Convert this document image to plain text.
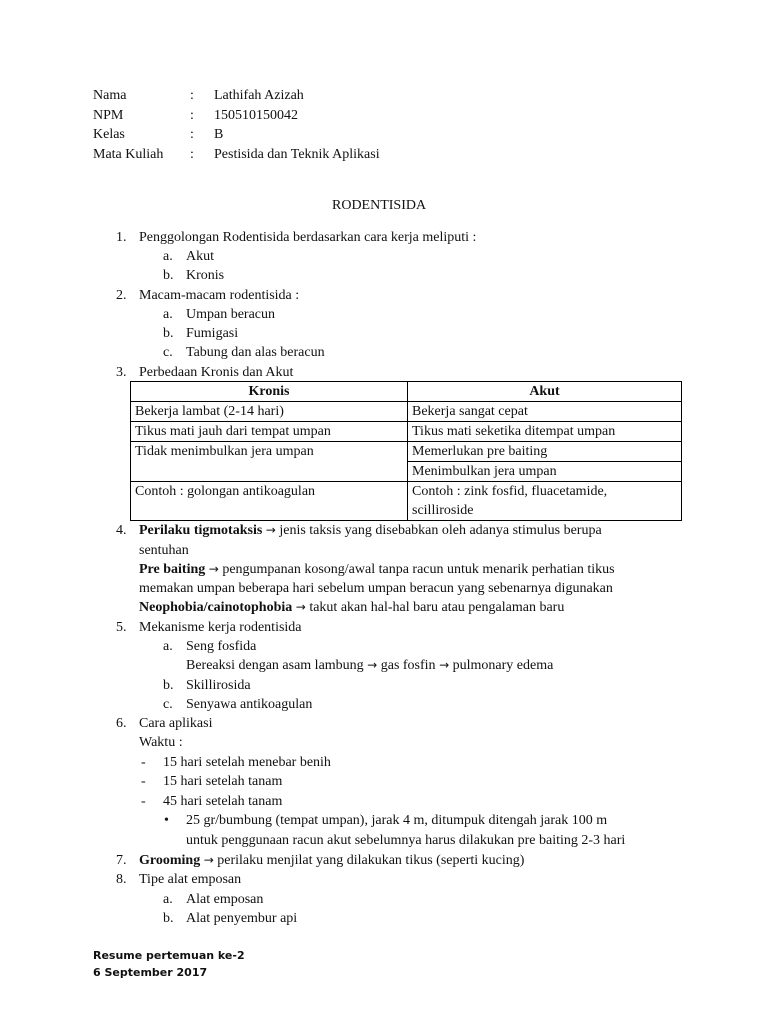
Nama	: Lathifah Azizah
NPM	: 150510150042
Kelas	: B
Mata Kuliah : Pestisida dan Teknik Aplikasi
RODENTISIDA
1. Penggolongan Rodentisida berdasarkan cara kerja meliputi :
a. Akut
b. Kronis
2. Macam-macam rodentisida :
a. Umpan beracun
b. Fumigasi
c. Tabung dan alas beracun
3. Perbedaan Kronis dan Akut
Kronis	Akut
Bekerja lambat (2-14 hari)	Bekerja sangat cepat
Tikus mati jauh dari tempat umpan	Tikus mati seketika ditempat umpan
Tidak menimbulkan jera umpan	Memerlukan pre baiting
	Menimbulkan jera umpan
Contoh : golongan antikoagulan	Contoh : zink fosfid, fluacetamide,
scilliroside
4. Perilaku tigmotaksis → jenis taksis yang disebabkan oleh adanya stimulus berupa
sentuhan
Pre baiting → pengumpanan kosong/awal tanpa racun untuk menarik perhatian tikus
memakan umpan beberapa hari sebelum umpan beracun yang sebenarnya digunakan
Neophobia/cainotophobia → takut akan hal-hal baru atau pengalaman baru
5. Mekanisme kerja rodentisida
a. Seng fosfida
Bereaksi dengan asam lambung → gas fosfin → pulmonary edema
b. Skillirosida
c. Senyawa antikoagulan
6. Cara aplikasi
Waktu :
- 15 hari setelah menebar benih
- 15 hari setelah tanam
- 45 hari setelah tanam
• 25 gr/bumbung (tempat umpan), jarak 4 m, ditumpuk ditengah jarak 100 m
untuk penggunaan racun akut sebelumnya harus dilakukan pre baiting 2-3 hari
7. Grooming → perilaku menjilat yang dilakukan tikus (seperti kucing)
8. Tipe alat emposan
a. Alat emposan
b. Alat penyembur api
Resume pertemuan ke-2
6 September 2017
